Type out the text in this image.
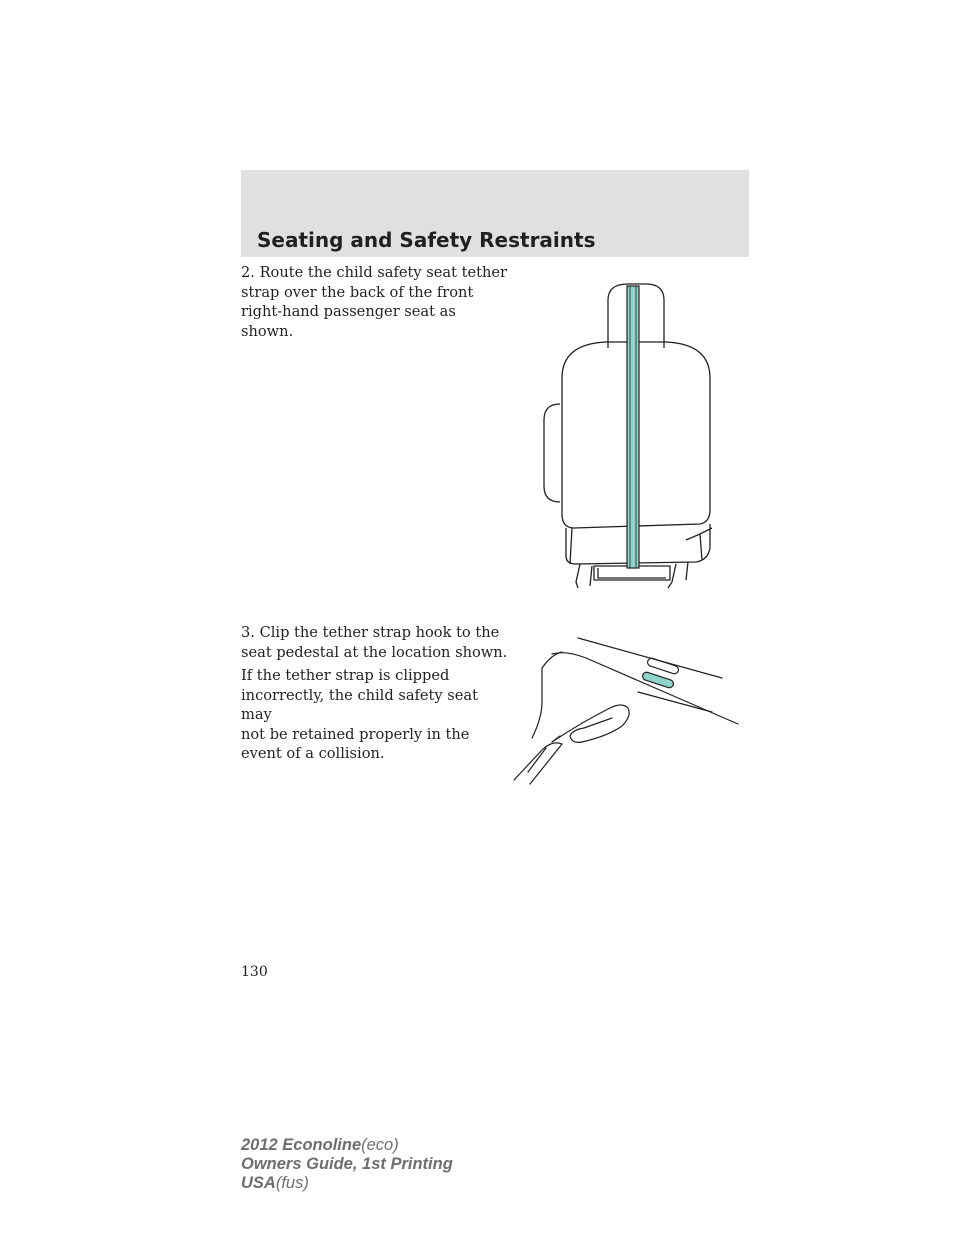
Seating and Safety Restraints

2. Route the child safety seat tether
strap over the back of the front
right-hand passenger seat as shown.

3. Clip the tether strap hook to the
seat pedestal at the location shown.

If the tether strap is clipped
incorrectly, the child safety seat may
not be retained properly in the
event of a collision.

130

2012 Econoline(eco)
Owners Guide, 1st Printing
USA(fus)
